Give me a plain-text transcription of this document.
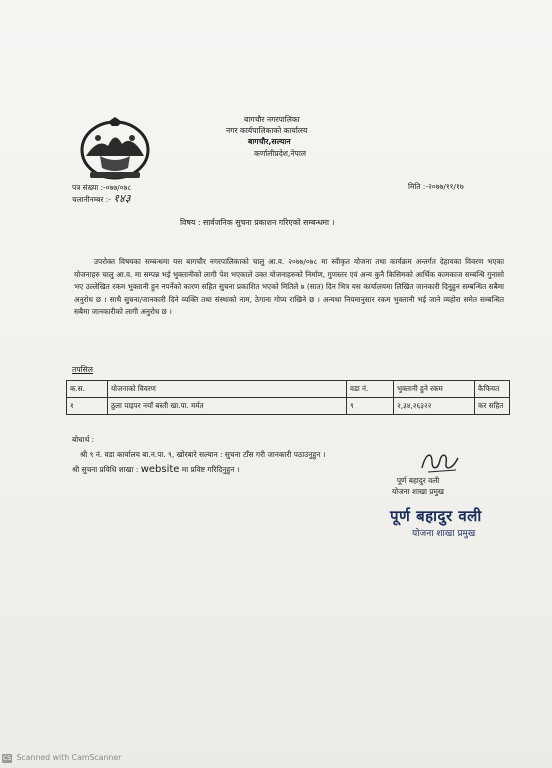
बागचौर नगरपालिका
नगर कार्यपालिकाको कार्यालय
बागचौर,सल्यान
कर्णालीप्रदेश,नेपाल
पत्र संख्या :-०७७/०७८
चलानीनम्बर :- १४३
मिति :-२०७७/११/१७
विषय : सार्वजनिक सुचना प्रकाशन गरिएको सम्बन्धमा ।
उपरोक्त विषयका सम्बन्धमा यस बागचौर नगरपालिकाको चालु आ.व. २०७७/०७८ मा स्वीकृत योजना तथा कार्यक्रम अन्तर्गत देहायका विवरण भएका योजनाहरु चालु आ.व. मा सम्पन्न भई भुक्तानीको लागी पेश भएकाले उक्त योजनाहरुको निर्माण, गुणस्तर एवं अन्य कुनै किसिमको आर्थिक कामकाज सम्बन्धि गुनासो भए उल्लेखित रकम भुक्तानी हुन नपर्नेको कारण सहित सुचना प्रकाशित भएको मितिले ७ (सात) दिन भित्र यस कार्यालयमा लिखित जानकारी दिनुहुन सम्बन्धित सबैमा अनुरोध छ । साथै सुचना/जानकारी दिने व्यक्ति तथा संस्थाको नाम, ठेगाना गोप्य राखिने छ । अन्यथा नियमानुसार रकम भुक्तानी भई जाने व्यहोरा समेत सम्बन्धित सबैमा जानकारीको लागी अनुरोध छ ।
तपसिल
क.स.	योजनाको विवरण	वडा नं.	भुक्तानी हुने रकम	कैफियत
१	ठुला पाइपर नयाँ बस्ती खा.पा. मर्मत	९	२,३४,२६३२२	कर सहित
बोधार्थ :
श्री ९ नं. वडा कार्यालय बा.न.पा. ९, खोरबारे सल्यान : सुचना टाँस गरी जानकारी पठाउनुहुन ।
श्री सुचना प्रविधि शाखा : website मा प्रविष्ट गरिदिनुहुन ।
पूर्ण बहादुर वली
योजना शाखा प्रमुख
पूर्ण बहादुर वली
योजना शाखा प्रमुख
CS Scanned with CamScanner
